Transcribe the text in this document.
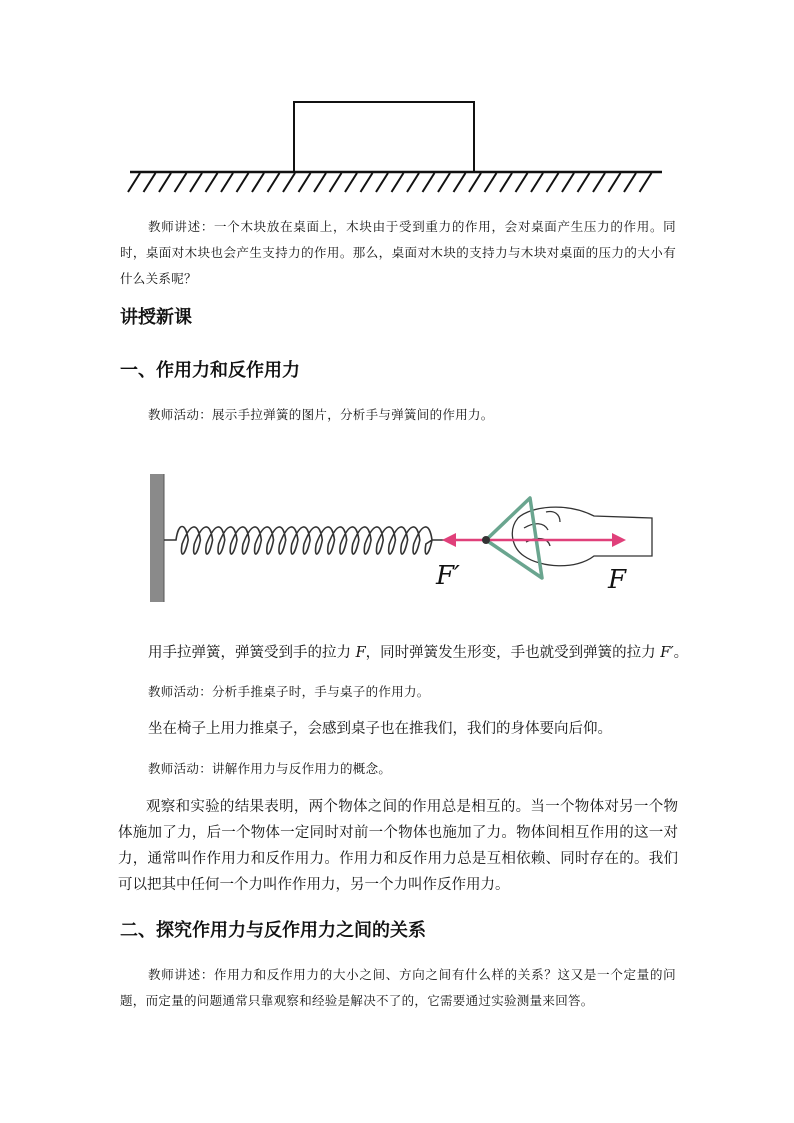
教师讲述：一个木块放在桌面上，木块由于受到重力的作用，会对桌面产生压力的作用。同时，桌面对木块也会产生支持力的作用。那么，桌面对木块的支持力与木块对桌面的压力的大小有什么关系呢？
讲授新课
一、作用力和反作用力
教师活动：展示手拉弹簧的图片，分析手与弹簧间的作用力。
F′	F
用手拉弹簧，弹簧受到手的拉力 F，同时弹簧发生形变，手也就受到弹簧的拉力 F′。
教师活动：分析手推桌子时，手与桌子的作用力。
坐在椅子上用力推桌子，会感到桌子也在推我们，我们的身体要向后仰。
教师活动：讲解作用力与反作用力的概念。
观察和实验的结果表明，两个物体之间的作用总是相互的。当一个物体对另一个物体施加了力，后一个物体一定同时对前一个物体也施加了力。物体间相互作用的这一对力，通常叫作作用力和反作用力。作用力和反作用力总是互相依赖、同时存在的。我们可以把其中任何一个力叫作作用力，另一个力叫作反作用力。
二、探究作用力与反作用力之间的关系
教师讲述：作用力和反作用力的大小之间、方向之间有什么样的关系？这又是一个定量的问题，而定量的问题通常只靠观察和经验是解决不了的，它需要通过实验测量来回答。
